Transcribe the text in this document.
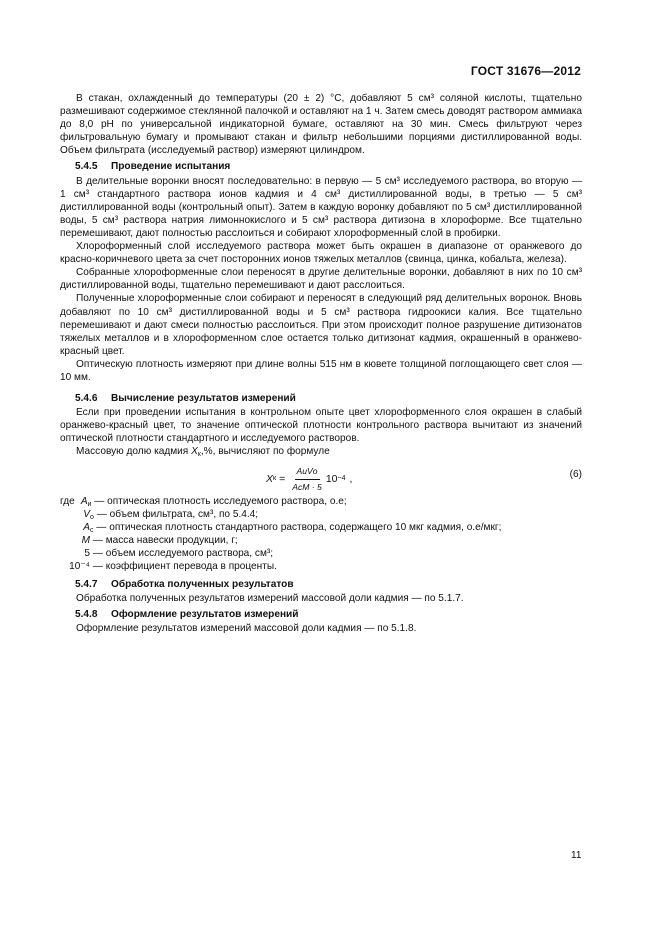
ГОСТ 31676—2012

В стакан, охлажденный до температуры (20 ± 2) °С, добавляют 5 см³ соляной кислоты, тщательно размешивают содержимое стеклянной палочкой и оставляют на 1 ч. Затем смесь доводят раствором аммиака до 8,0 pH по универсальной индикаторной бумаге, оставляют на 30 мин. Смесь фильтруют через фильтровальную бумагу и промывают стакан и фильтр небольшими порциями дистиллированной воды. Объем фильтрата (исследуемый раствор) измеряют цилиндром.

5.4.5 Проведение испытания

В делительные воронки вносят последовательно: в первую — 5 см³ исследуемого раствора, во вторую — 1 см³ стандартного раствора ионов кадмия и 4 см³ дистиллированной воды, в третью — 5 см³ дистиллированной воды (контрольный опыт). Затем в каждую воронку добавляют по 5 см³ дистиллированной воды, 5 см³ раствора натрия лимоннокислого и 5 см³ раствора дитизона в хлороформе. Все тщательно перемешивают, дают полностью расслоиться и собирают хлороформенный слой в пробирки.

Хлороформенный слой исследуемого раствора может быть окрашен в диапазоне от оранжевого до красно-коричневого цвета за счет посторонних ионов тяжелых металлов (свинца, цинка, кобальта, железа).

Собранные хлороформенные слои переносят в другие делительные воронки, добавляют в них по 10 см³ дистиллированной воды, тщательно перемешивают и дают расслоиться.

Полученные хлороформенные слои собирают и переносят в следующий ряд делительных воронок. Вновь добавляют по 10 см³ дистиллированной воды и 5 см³ раствора гидроокиси калия. Все тщательно перемешивают и дают смеси полностью расслоиться. При этом происходит полное разрушение дитизонатов тяжелых металлов и в хлороформенном слое остается только дитизонат кадмия, окрашенный в оранжево-красный цвет.

Оптическую плотность измеряют при длине волны 515 нм в кювете толщиной поглощающего свет слоя — 10 мм.

5.4.6 Вычисление результатов измерений

Если при проведении испытания в контрольном опыте цвет хлороформенного слоя окрашен в слабый оранжево-красный цвет, то значение оптической плотности контрольного раствора вычитают из значений оптической плотности стандартного и исследуемого растворов.

Массовую долю кадмия $X_к,\%$, вычисляют по формуле

X $к = \frac{\text{AиVо}}{\text{AсM · 5}} 10 -4$ ,	(6)

где $A_и$ — оптическая плотность исследуемого раствора, о.е;

$V_о$ — объем фильтрата, см³, по 5.4.4;

$A_с$ — оптическая плотность стандартного раствора, содержащего 10 мкг кадмия, о.е/мкг;

M — масса навески продукции, г;

5 — объем исследуемого раствора, см³;

10⁻⁴ — коэффициент перевода в проценты.

5.4.7 Обработка полученных результатов

Обработка полученных результатов измерений массовой доли кадмия — по 5.1.7.

5.4.8 Оформление результатов измерений

Оформление результатов измерений массовой доли кадмия — по 5.1.8.

11
